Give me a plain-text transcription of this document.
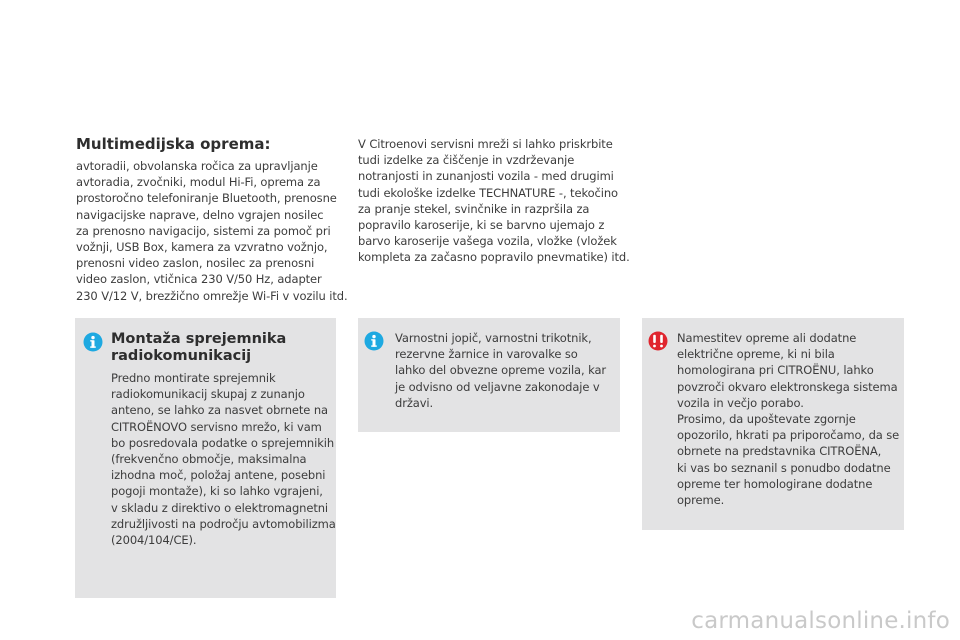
Multimedijska oprema:

avtoradii, obvolanska ročica za upravljanje
avtoradia, zvočniki, modul Hi-Fi, oprema za
prostoročno telefoniranje Bluetooth, prenosne
navigacijske naprave, delno vgrajen nosilec
za prenosno navigacijo, sistemi za pomoč pri
vožnji, USB Box, kamera za vzvratno vožnjo,
prenosni video zaslon, nosilec za prenosni
video zaslon, vtičnica 230 V/50 Hz, adapter
230 V/12 V, brezžično omrežje Wi-Fi v vozilu itd.

V Citroenovi servisni mreži si lahko priskrbite
tudi izdelke za čiščenje in vzdrževanje
notranjosti in zunanjosti vozila - med drugimi
tudi ekološke izdelke TECHNATURE -, tekočino
za pranje stekel, svinčnike in razpršila za
popravilo karoserije, ki se barvno ujemajo z
barvo karoserije vašega vozila, vložke (vložek
kompleta za začasno popravilo pnevmatike) itd.

Montaža sprejemnika
radiokomunikacij

Predno montirate sprejemnik
radiokomunikacij skupaj z zunanjo
anteno, se lahko za nasvet obrnete na
CITROËNOVO servisno mrežo, ki vam
bo posredovala podatke o sprejemnikih
(frekvenčno območje, maksimalna
izhodna moč, položaj antene, posebni
pogoji montaže), ki so lahko vgrajeni,
v skladu z direktivo o elektromagnetni
združljivosti na področju avtomobilizma
(2004/104/CE).

Varnostni jopič, varnostni trikotnik,
rezervne žarnice in varovalke so
lahko del obvezne opreme vozila, kar
je odvisno od veljavne zakonodaje v
državi.

Namestitev opreme ali dodatne
električne opreme, ki ni bila
homologirana pri CITROËNU, lahko
povzroči okvaro elektronskega sistema
vozila in večjo porabo.
Prosimo, da upoštevate zgornje
opozorilo, hkrati pa priporočamo, da se
obrnete na predstavnika CITROËNA,
ki vas bo seznanil s ponudbo dodatne
opreme ter homologirane dodatne
opreme.

carmanualsonline.info
